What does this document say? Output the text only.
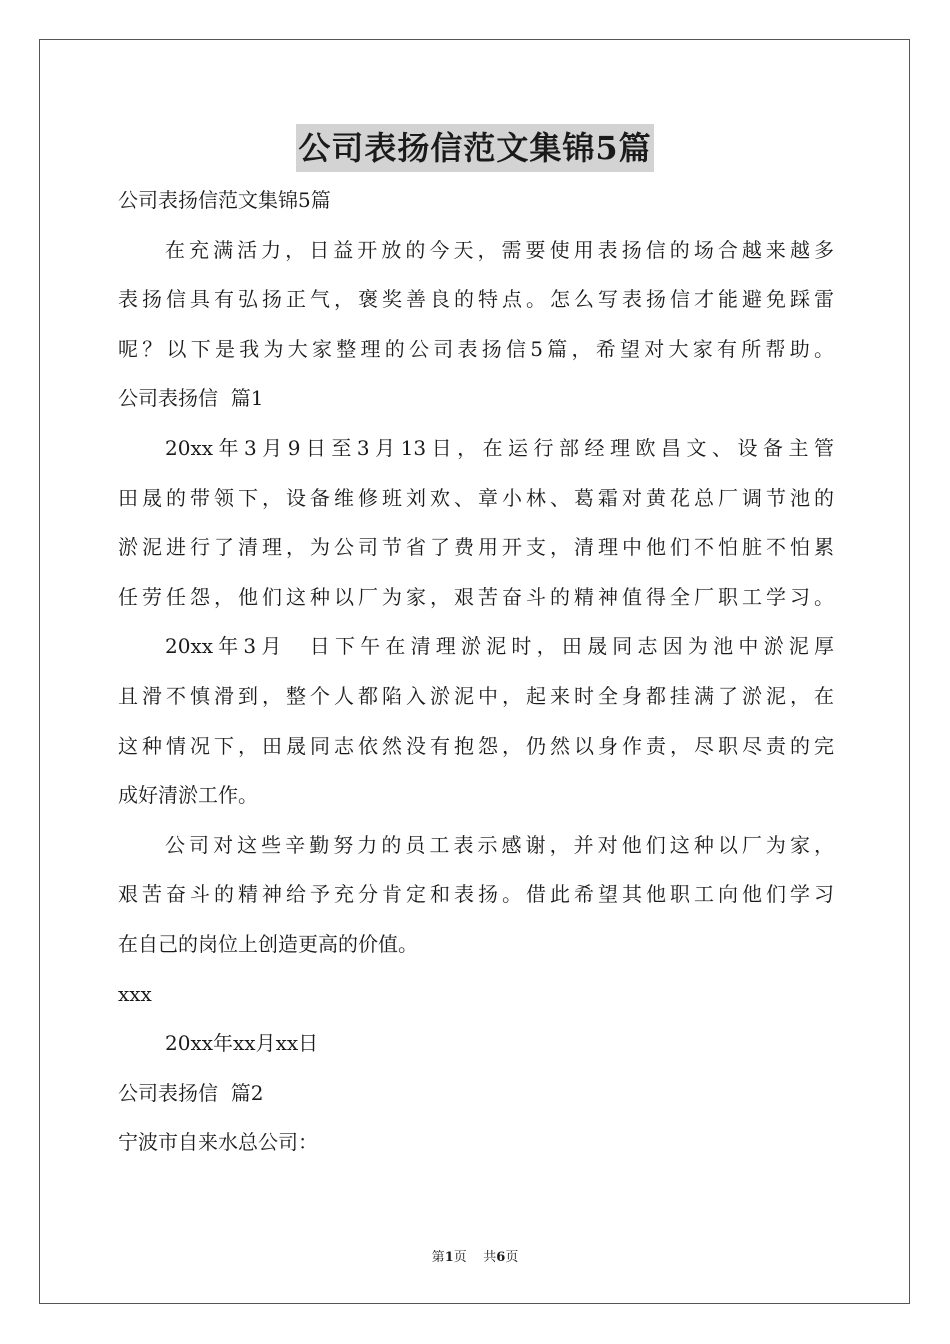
公司表扬信范文集锦5篇
公司表扬信范文集锦5篇
在充满活力，日益开放的今天，需要使用表扬信的场合越来越多
表扬信具有弘扬正气，褒奖善良的特点。怎么写表扬信才能避免踩雷
呢？以下是我为大家整理的公司表扬信5篇，希望对大家有所帮助。
公司表扬信  篇1
20xx年3月9日至3月13日，在运行部经理欧昌文、设备主管
田晟的带领下，设备维修班刘欢、章小林、葛霜对黄花总厂调节池的
淤泥进行了清理，为公司节省了费用开支，清理中他们不怕脏不怕累
任劳任怨，他们这种以厂为家，艰苦奋斗的精神值得全厂职工学习。
20xx年3月  日下午在清理淤泥时，田晟同志因为池中淤泥厚
且滑不慎滑到，整个人都陷入淤泥中，起来时全身都挂满了淤泥，在
这种情况下，田晟同志依然没有抱怨，仍然以身作责，尽职尽责的完
成好清淤工作。
公司对这些辛勤努力的员工表示感谢，并对他们这种以厂为家，
艰苦奋斗的精神给予充分肯定和表扬。借此希望其他职工向他们学习
在自己的岗位上创造更高的价值。
xxx
20xx年xx月xx日
公司表扬信  篇2
宁波市自来水总公司：
第1页    共6页
